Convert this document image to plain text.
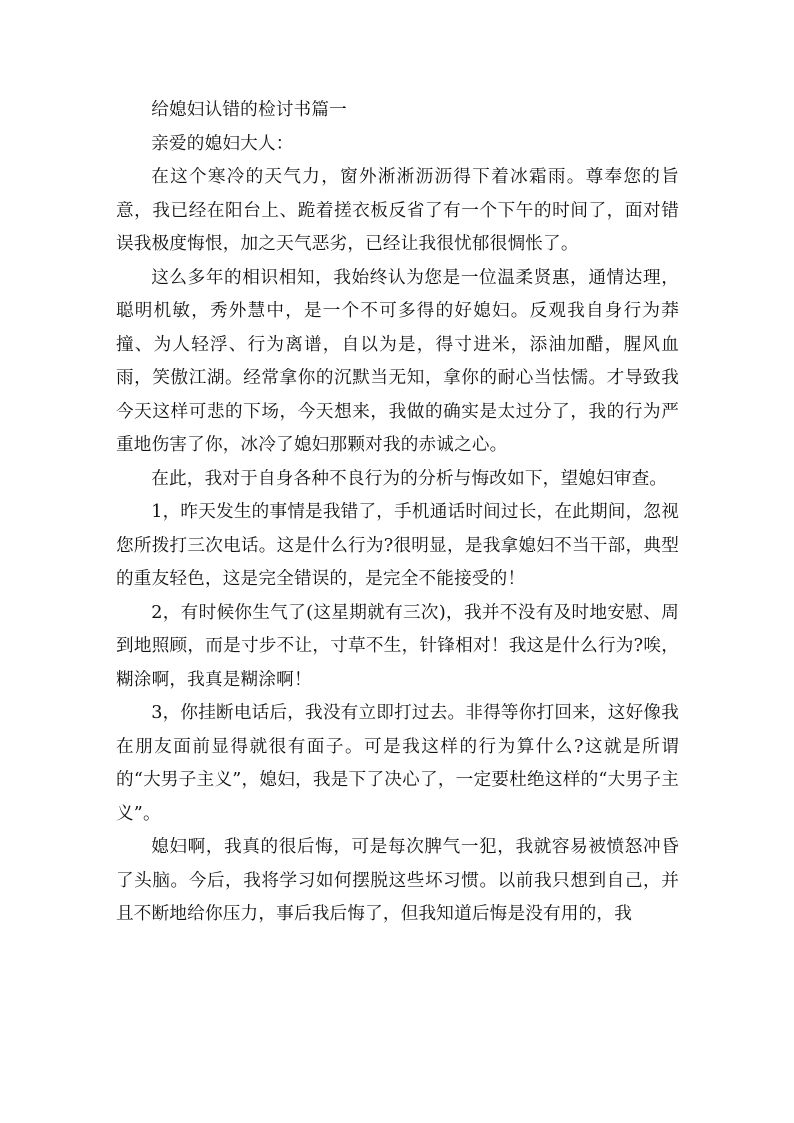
给媳妇认错的检讨书篇一

亲爱的媳妇大人：

在这个寒冷的天气力，窗外淅淅沥沥得下着冰霜雨。尊奉您的旨意，我已经在阳台上、跪着搓衣板反省了有一个下午的时间了，面对错误我极度悔恨，加之天气恶劣，已经让我很忧郁很惆怅了。

这么多年的相识相知，我始终认为您是一位温柔贤惠，通情达理，聪明机敏，秀外慧中，是一个不可多得的好媳妇。反观我自身行为莽撞、为人轻浮、行为离谱，自以为是，得寸进米，添油加醋，腥风血雨，笑傲江湖。经常拿你的沉默当无知，拿你的耐心当怯懦。才导致我今天这样可悲的下场，今天想来，我做的确实是太过分了，我的行为严重地伤害了你，冰冷了媳妇那颗对我的赤诚之心。

在此，我对于自身各种不良行为的分析与悔改如下，望媳妇审查。

1，昨天发生的事情是我错了，手机通话时间过长，在此期间，忽视您所拨打三次电话。这是什么行为?很明显，是我拿媳妇不当干部，典型的重友轻色，这是完全错误的，是完全不能接受的！

2，有时候你生气了(这星期就有三次)，我并不没有及时地安慰、周到地照顾，而是寸步不让，寸草不生，针锋相对！我这是什么行为?唉，糊涂啊，我真是糊涂啊！

3，你挂断电话后，我没有立即打过去。非得等你打回来，这好像我在朋友面前显得就很有面子。可是我这样的行为算什么?这就是所谓的“大男子主义”，媳妇，我是下了决心了，一定要杜绝这样的“大男子主义”。

媳妇啊，我真的很后悔，可是每次脾气一犯，我就容易被愤怒冲昏了头脑。今后，我将学习如何摆脱这些坏习惯。以前我只想到自己，并且不断地给你压力，事后我后悔了，但我知道后悔是没有用的，我
